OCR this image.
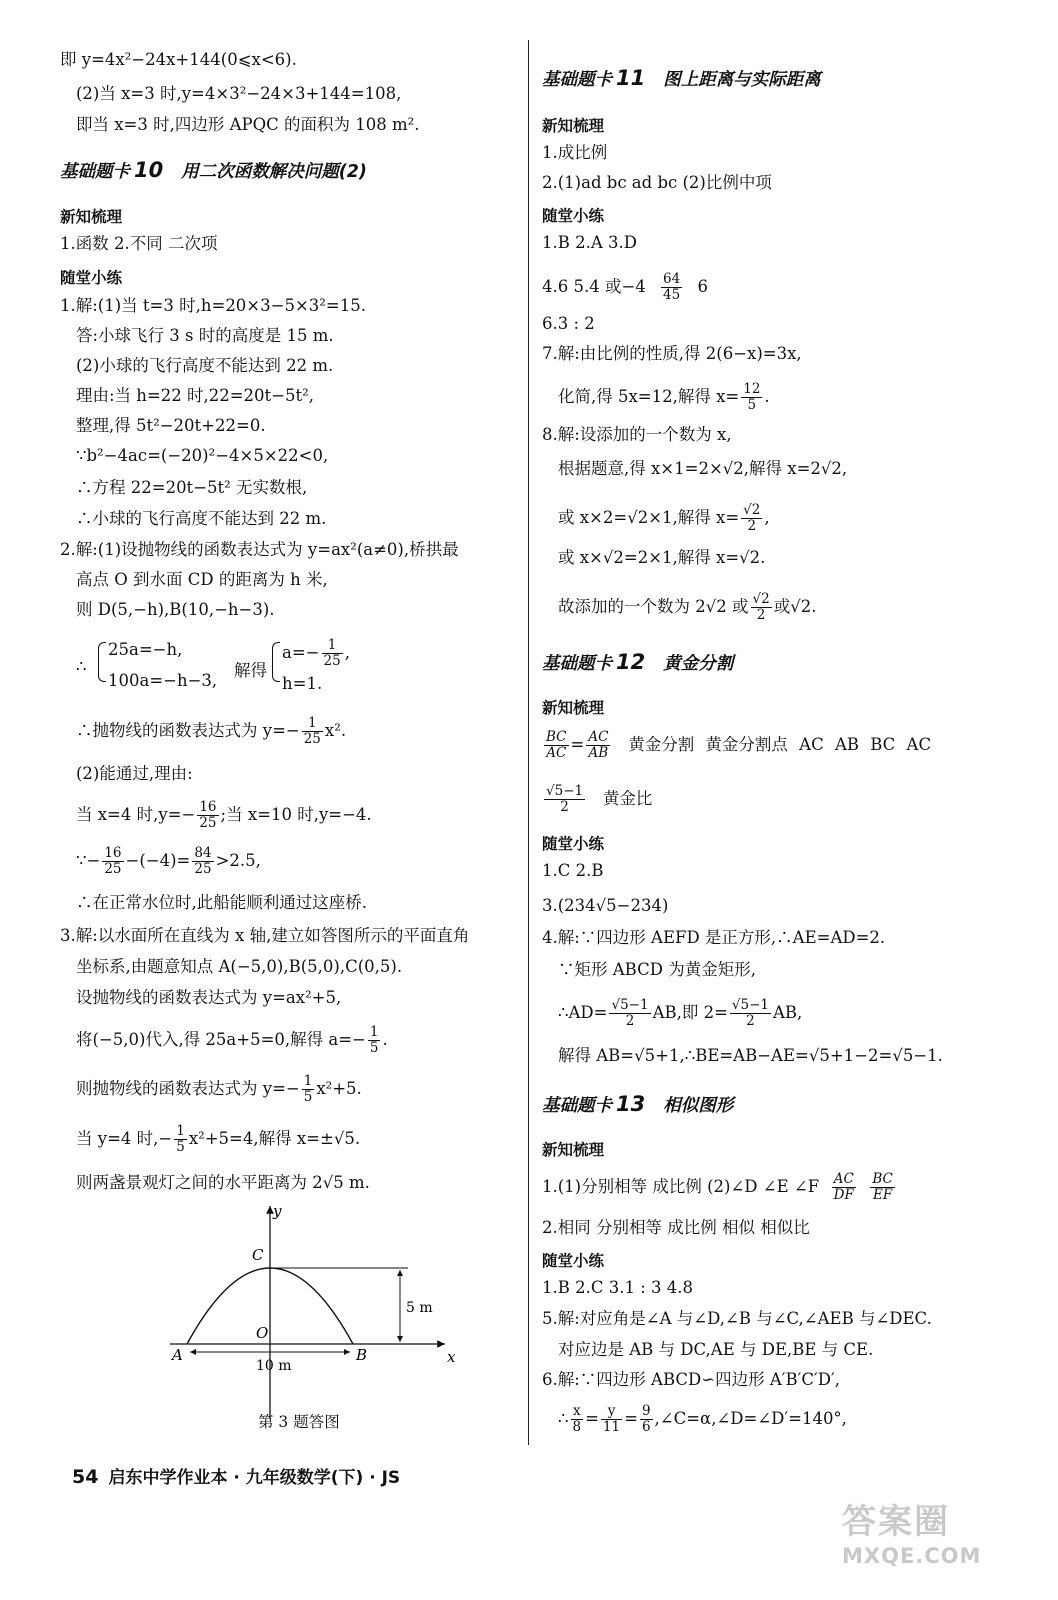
即 y=4x²−24x+144(0⩽x<6).
(2)当 x=3 时,y=4×3²−24×3+144=108,
即当 x=3 时,四边形 APQC 的面积为 108 m².
基础题卡 10 用二次函数解决问题(2)
新知梳理
1.函数 2.不同 二次项
随堂小练
1.解:(1)当 t=3 时,h=20×3−5×3²=15.
答:小球飞行 3 s 时的高度是 15 m.
(2)小球的飞行高度不能达到 22 m.
理由:当 h=22 时,22=20t−5t²,
整理,得 5t²−20t+22=0.
∵b²−4ac=(−20)²−4×5×22<0,
∴方程 22=20t−5t² 无实数根,
∴小球的飞行高度不能达到 22 m.
2.解:(1)设抛物线的函数表达式为 y=ax²(a≠0),桥拱最
高点 O 到水面 CD 的距离为 h 米,
则 D(5,−h),B(10,−h−3).
∴
25a=−h,
100a=−h−3,
解得
$a=- \frac{1}{25}$ ,
h=1.
∴抛物线的函数表达式为 $y=- \frac{1}{25} x^2$.
(2)能通过,理由:
当 x=4 时$,y=- \frac{16}{25}$ ;当 x=10 时,y=−4.
∵− $\frac{16}{25} -(-4)= \frac{84}{25} >2.5$,
∴在正常水位时,此船能顺利通过这座桥.
3.解:以水面所在直线为 x 轴,建立如答图所示的平面直角
坐标系,由题意知点 A(−5,0),B(5,0),C(0,5).
设抛物线的函数表达式为 y=ax²+5,
将(−5,0)代入,得 25a+5=0,解得 $a=- \frac{1}{5}$ .
则抛物线的函数表达式为 $y=- \frac{1}{5} x^2+5$.
当 y=4 时,− $\frac{1}{5} x^2+5=4$,解得 x=±√5.
则两盏景观灯之间的水平距离为 2√5 m.
y
x
C
O
A	B
5 m
10 m
第 3 题答图
基础题卡 11 图上距离与实际距离
新知梳理
1.成比例
2.(1)ad bc ad bc (2)比例中项
随堂小练
1.B 2.A 3.D
4.6 5.4 或$-4 \frac{64}{45} 6$
6.3 : 2
7.解:由比例的性质,得 2(6−x)=3x,
化简,得 5x=12,解得 $x= \frac{12}{5}$ .
8.解:设添加的一个数为 x,
根据题意,得 x×1=2×√2,解得 x=2√2,
或 x×2=√2×1,解得 $x= \frac{√2}{2}$ ,
或 x×√2=2×1,解得 x=√2.
故添加的一个数为 2√2 或 $\frac{√2}{2}$ 或√2.
基础题卡 12 黄金分割
新知梳理
$\frac{BC}{AC} = \frac{AC}{AB}$ 黄金分割 黄金分割点 AC AB BC AC
$\frac{√5-1}{2}$ 黄金比
随堂小练
1.C 2.B
3.(234√5−234)
4.解:∵四边形 AEFD 是正方形,∴AE=AD=2.
∵矩形 ABCD 为黄金矩形,
∴AD= $\frac{√5-1}{2}$ AB,即 $2= \frac{√5-1}{2}$ AB,
解得 AB=√5+1,∴BE=AB−AE=√5+1−2=√5−1.
基础题卡 13 相似图形
新知梳理
1.(1)分别相等 成比例 (2)∠D ∠E ∠F $\frac{AC}{DF}$
$\frac{BC}{EF}$
2.相同 分别相等 成比例 相似 相似比
随堂小练
1.B 2.C 3.1 : 3 4.8
5.解:对应角是∠A 与∠D,∠B 与∠C,∠AEB 与∠DEC.
对应边是 AB 与 DC,AE 与 DE,BE 与 CE.
6.解:∵四边形 ABCD∽四边形 A′B′C′D′,
∴ $\frac{x}{8} = \frac{y}{11} = \frac{9}{6}$ ,∠C=α,∠D=∠D′=140°,
54 启东中学作业本 · 九年级数学(下) · JS
答案圈
MXQE.COM
